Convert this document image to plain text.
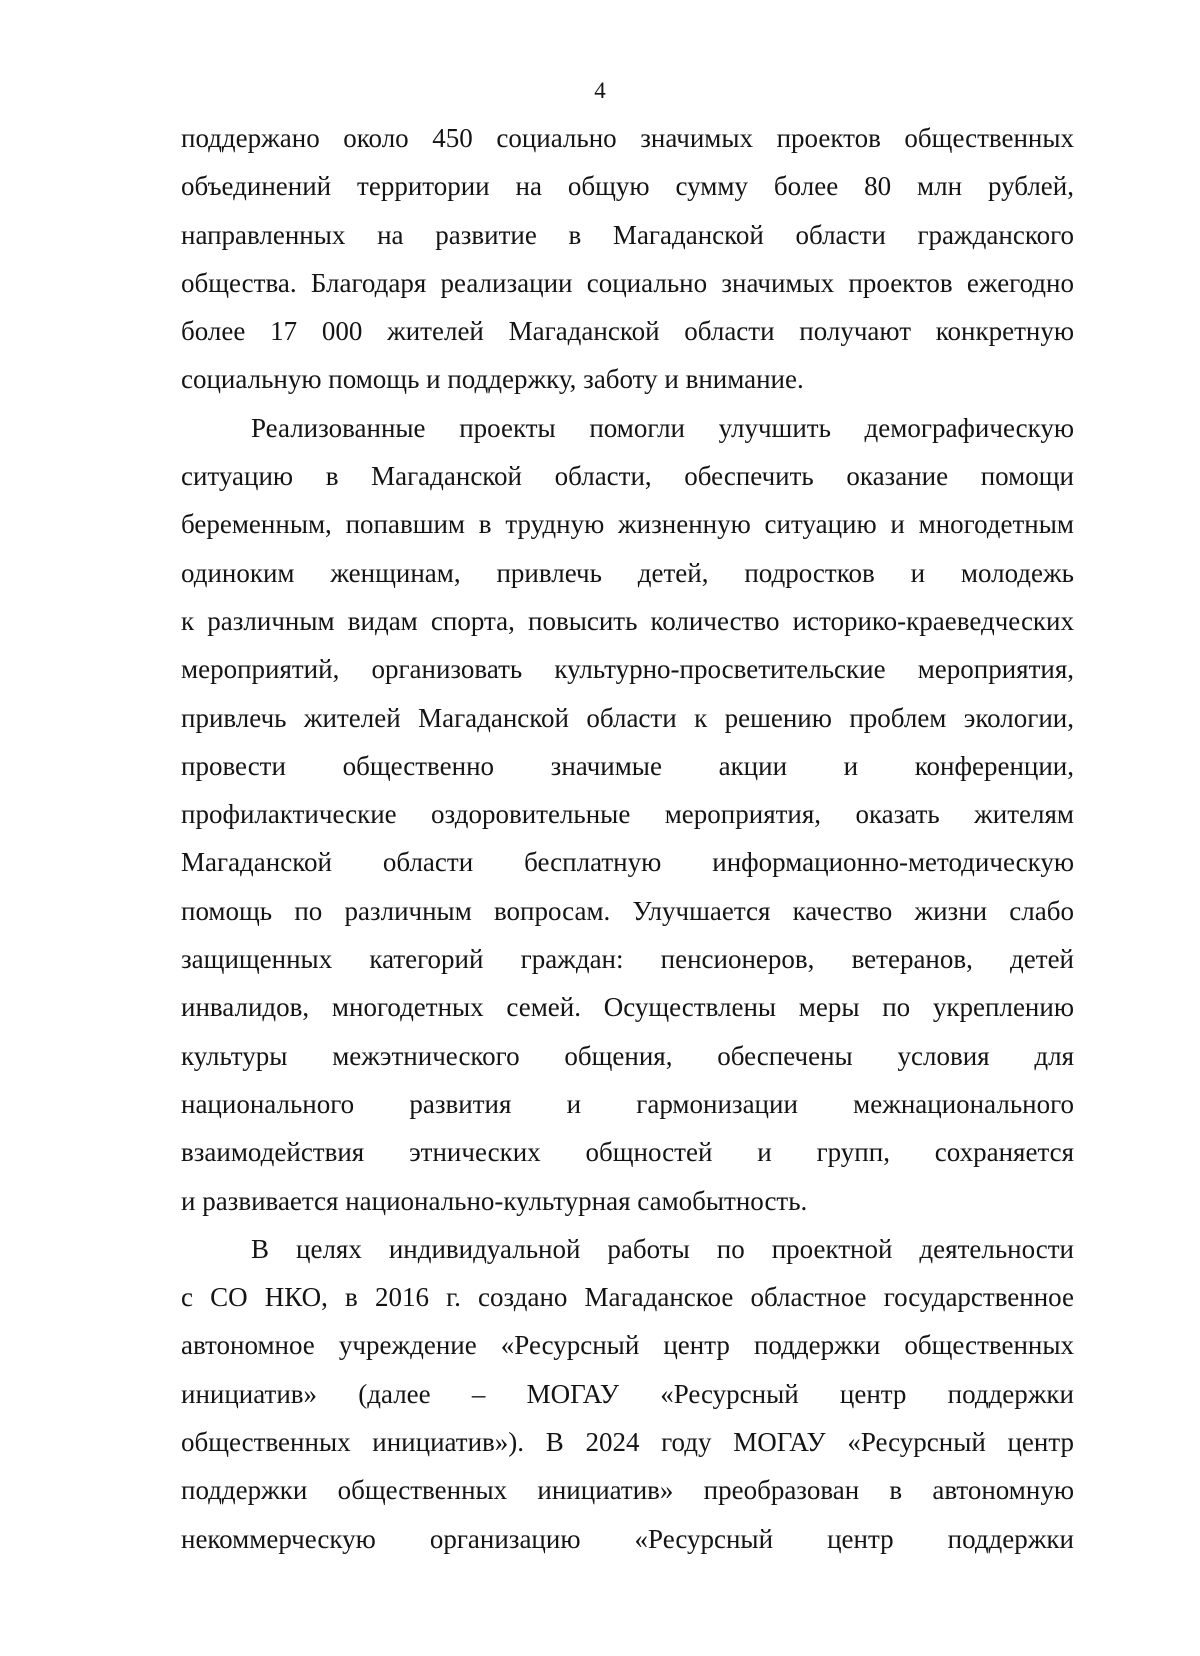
4
поддержано около 450 социально значимых проектов общественных
объединений территории на общую сумму более 80 млн рублей,
направленных на развитие в Магаданской области гражданского
общества. Благодаря реализации социально значимых проектов ежегодно
более 17 000 жителей Магаданской области получают конкретную
социальную помощь и поддержку, заботу и внимание.
Реализованные проекты помогли улучшить демографическую
ситуацию в Магаданской области, обеспечить оказание помощи
беременным, попавшим в трудную жизненную ситуацию и многодетным
одиноким женщинам, привлечь детей, подростков и молодежь
к различным видам спорта, повысить количество историко-краеведческих
мероприятий, организовать культурно-просветительские мероприятия,
привлечь жителей Магаданской области к решению проблем экологии,
провести общественно значимые акции и конференции,
профилактические оздоровительные мероприятия, оказать жителям
Магаданской области бесплатную информационно-методическую
помощь по различным вопросам. Улучшается качество жизни слабо
защищенных категорий граждан: пенсионеров, ветеранов, детей
инвалидов, многодетных семей. Осуществлены меры по укреплению
культуры межэтнического общения, обеспечены условия для
национального развития и гармонизации межнационального
взаимодействия этнических общностей и групп, сохраняется
и развивается национально-культурная самобытность.
В целях индивидуальной работы по проектной деятельности
с СО НКО, в 2016 г. создано Магаданское областное государственное
автономное учреждение «Ресурсный центр поддержки общественных
инициатив» (далее – МОГАУ «Ресурсный центр поддержки
общественных инициатив»). В 2024 году МОГАУ «Ресурсный центр
поддержки общественных инициатив» преобразован в автономную
некоммерческую организацию «Ресурсный центр поддержки
